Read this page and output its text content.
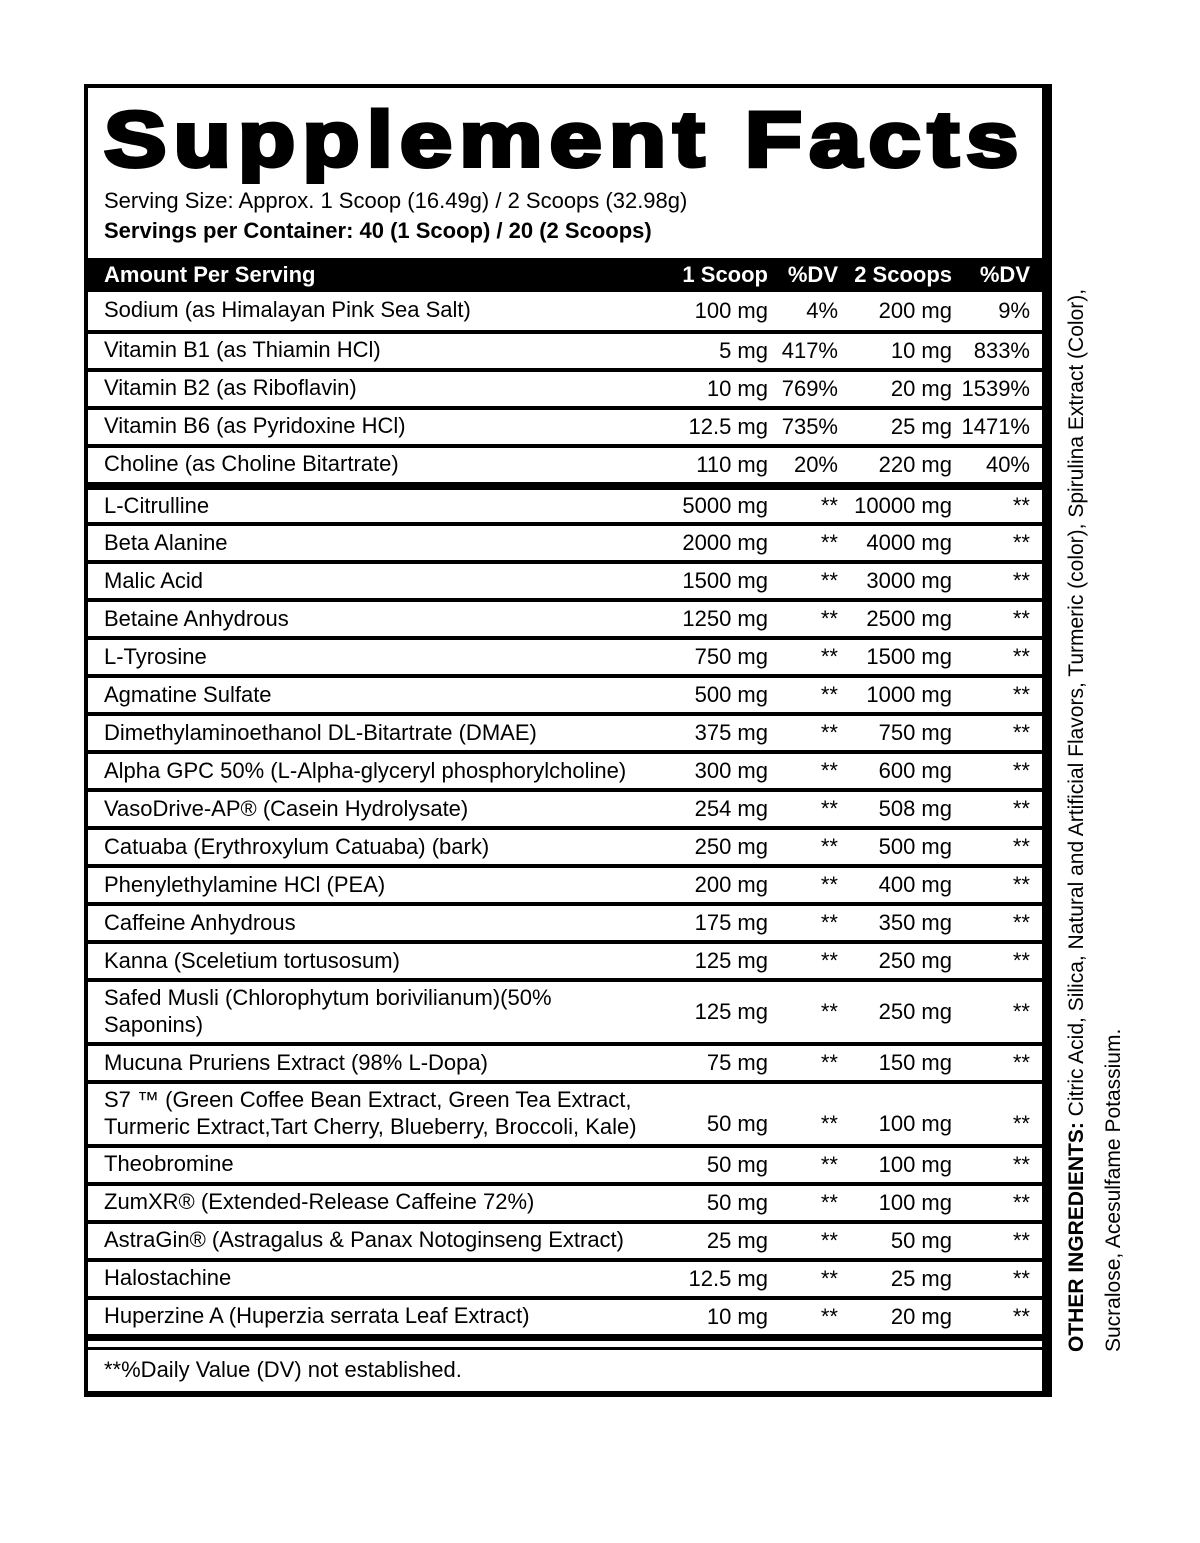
Supplement Facts
Serving Size: Approx. 1 Scoop (16.49g) / 2 Scoops (32.98g)
Servings per Container: 40 (1 Scoop) / 20 (2 Scoops)
Amount Per Serving	1 Scoop %DV 2 Scoops	%DV
Sodium (as Himalayan Pink Sea Salt)	100 mg	4%	200 mg	9%
Vitamin B1 (as Thiamin HCl)	5 mg 417%	10 mg 833%
Vitamin B2 (as Riboflavin)	10 mg 769%	20 mg 1539%
Vitamin B6 (as Pyridoxine HCl)	12.5 mg 735%	25 mg 1471%
Choline (as Choline Bitartrate)	110 mg	20%	220 mg	40%
L-Citrulline	5000 mg	** 10000 mg	**
Beta Alanine	2000 mg	**	4000 mg	**
Malic Acid	1500 mg	**	3000 mg	**
Betaine Anhydrous	1250 mg	**	2500 mg	**
L-Tyrosine	750 mg	**	1500 mg	**
Agmatine Sulfate	500 mg	**	1000 mg	**
Dimethylaminoethanol DL-Bitartrate (DMAE)	375 mg	**	750 mg	**
Alpha GPC 50% (L-Alpha-glyceryl phosphorylcholine)	300 mg	**	600 mg	**
VasoDrive-AP® (Casein Hydrolysate)	254 mg	**	508 mg	**
Catuaba (Erythroxylum Catuaba) (bark)	250 mg	**	500 mg	**
Phenylethylamine HCl (PEA)	200 mg	**	400 mg	**
Caffeine Anhydrous	175 mg	**	350 mg	**
Kanna (Sceletium tortusosum)	125 mg	**	250 mg	**
Safed Musli (Chlorophytum borivilianum)(50% Saponins)
125 mg	**	250 mg	**
Mucuna Pruriens Extract (98% L-Dopa)	75 mg	**	150 mg	**
S7 ™ (Green Coffee Bean Extract, Green Tea Extract,
Turmeric Extract,Tart Cherry, Blueberry, Broccoli, Kale)	50 mg	**	100 mg	**
Theobromine	50 mg	**	100 mg	**
ZumXR® (Extended-Release Caffeine 72%)	50 mg	**	100 mg	**
AstraGin® (Astragalus & Panax Notoginseng Extract)	25 mg	**	50 mg	**
Halostachine	12.5 mg	**	25 mg	**
Huperzine A (Huperzia serrata Leaf Extract)	10 mg	**	20 mg	**
**%Daily Value (DV) not established.
OTHER INGREDIENTS: Citric Acid, Silica, Natural and Artificial Flavors, Turmeric (color), Spirulina Extract (Color),
Sucralose, Acesulfame Potassium.
